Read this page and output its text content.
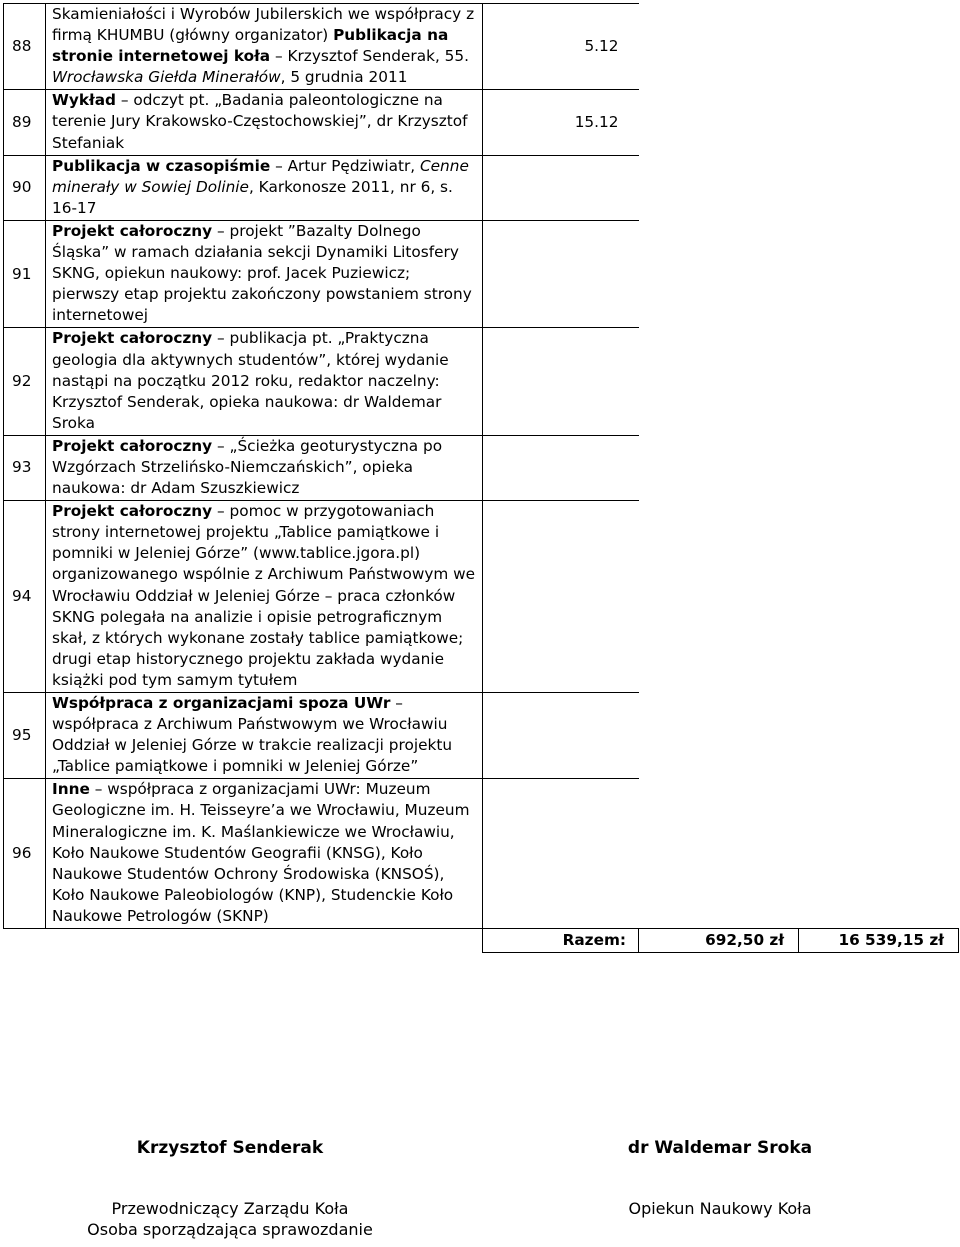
88	Skamieniałości i Wyrobów Jubilerskich we współpracy z firmą KHUMBU (główny organizator) Publikacja na stronie internetowej koła – Krzysztof Senderak, 55. Wrocławska Giełda Minerałów, 5 grudnia 2011	5.12		
89	Wykład – odczyt pt. „Badania paleontologiczne na terenie Jury Krakowsko-Częstochowskiej”, dr Krzysztof Stefaniak	15.12		
90	Publikacja w czasopiśmie – Artur Pędziwiatr, Cenne minerały w Sowiej Dolinie, Karkonosze 2011, nr 6, s. 16-17			
91	Projekt całoroczny – projekt ”Bazalty Dolnego Śląska” w ramach działania sekcji Dynamiki Litosfery SKNG, opiekun naukowy: prof. Jacek Puziewicz; pierwszy etap projektu zakończony powstaniem strony internetowej			
92	Projekt całoroczny – publikacja pt. „Praktyczna geologia dla aktywnych studentów”, której wydanie nastąpi na początku 2012 roku, redaktor naczelny: Krzysztof Senderak, opieka naukowa: dr Waldemar Sroka			
93	Projekt całoroczny – „Ścieżka geoturystyczna po Wzgórzach Strzelińsko-Niemczańskich”, opieka naukowa: dr Adam Szuszkiewicz			
94	Projekt całoroczny – pomoc w przygotowaniach strony internetowej projektu „Tablice pamiątkowe i pomniki w Jeleniej Górze” (www.tablice.jgora.pl) organizowanego wspólnie z Archiwum Państwowym we Wrocławiu Oddział w Jeleniej Górze – praca członków SKNG polegała na analizie i opisie petrograficznym skał, z których wykonane zostały tablice pamiątkowe; drugi etap historycznego projektu zakłada wydanie książki pod tym samym tytułem			
95	Współpraca z organizacjami spoza UWr – współpraca z Archiwum Państwowym we Wrocławiu Oddział w Jeleniej Górze w trakcie realizacji projektu „Tablice pamiątkowe i pomniki w Jeleniej Górze”			
96	Inne – współpraca z organizacjami UWr: Muzeum Geologiczne im. H. Teisseyre’a we Wrocławiu, Muzeum Mineralogiczne im. K. Maślankiewicze we Wrocławiu, Koło Naukowe Studentów Geografii (KNSG), Koło Naukowe Studentów Ochrony Środowiska (KNSOŚ), Koło Naukowe Paleobiologów (KNP), Studenckie Koło Naukowe Petrologów (SKNP)			
		Razem:	692,50 zł	16 539,15 zł
Krzysztof Senderak
Przewodniczący Zarządu Koła
Osoba sporządzająca sprawozdanie
dr Waldemar Sroka
Opiekun Naukowy Koła
